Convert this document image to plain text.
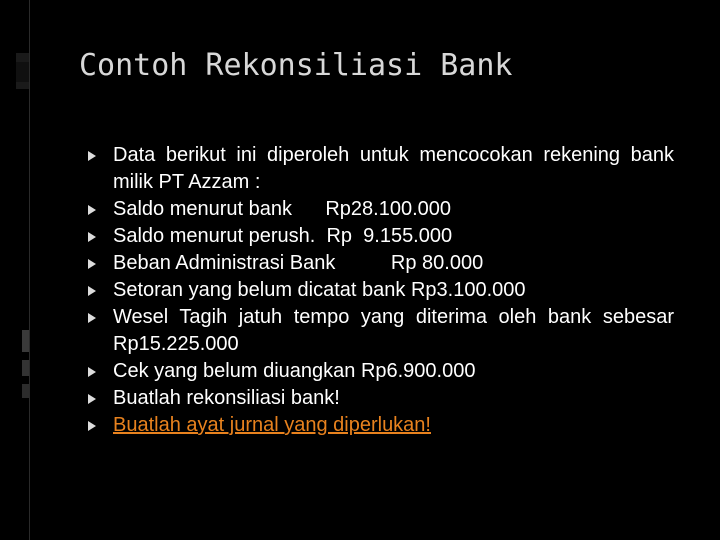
Contoh Rekonsiliasi Bank
Data berikut ini diperoleh untuk mencocokan rekening bank milik PT Azzam :
Saldo menurut bank      Rp28.100.000
Saldo menurut perush.  Rp  9.155.000
Beban Administrasi Bank          Rp 80.000
Setoran yang belum dicatat bank Rp3.100.000
Wesel Tagih jatuh tempo yang diterima oleh bank sebesar Rp15.225.000
Cek yang belum diuangkan Rp6.900.000
Buatlah rekonsiliasi bank!
Buatlah ayat jurnal yang diperlukan!
